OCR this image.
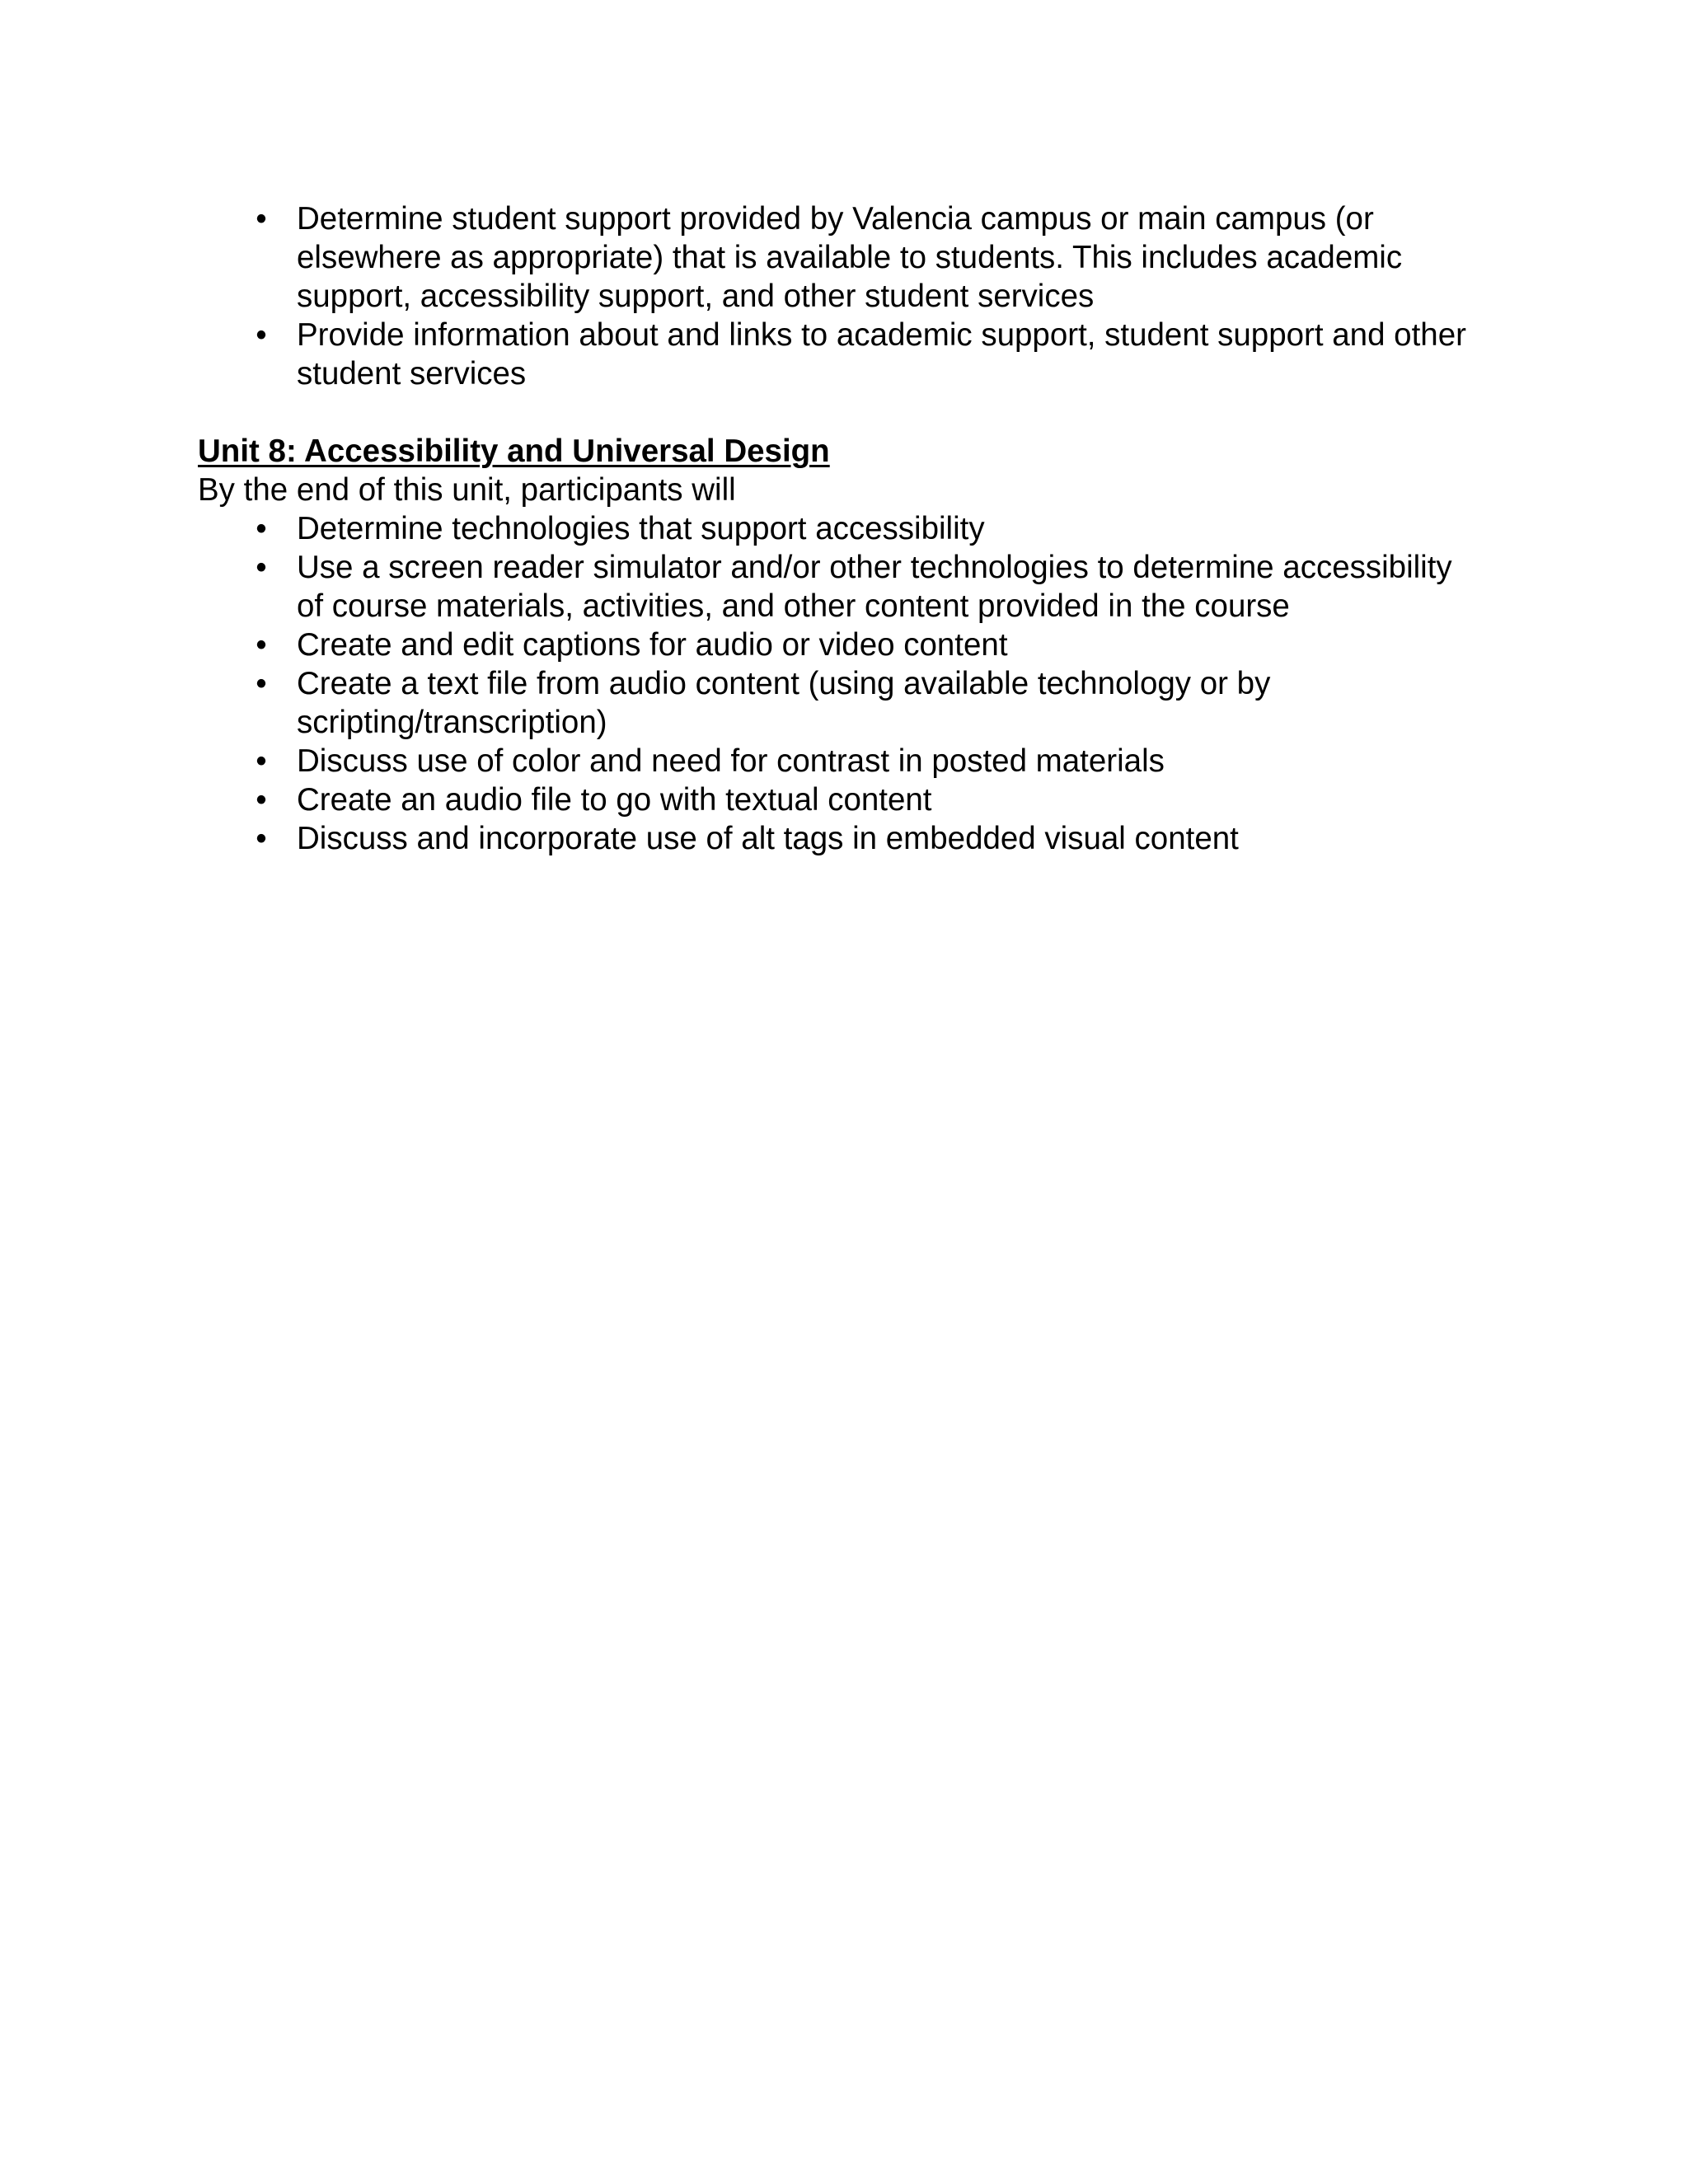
• Determine student support provided by Valencia campus or main campus (or elsewhere as appropriate) that is available to students. This includes academic support, accessibility support, and other student services
• Provide information about and links to academic support, student support and other student services
Unit 8: Accessibility and Universal Design

By the end of this unit, participants will

• Determine technologies that support accessibility
• Use a screen reader simulator and/or other technologies to determine accessibility of course materials, activities, and other content provided in the course
• Create and edit captions for audio or video content
• Create a text file from audio content (using available technology or by scripting/transcription)
• Discuss use of color and need for contrast in posted materials
• Create an audio file to go with textual content
• Discuss and incorporate use of alt tags in embedded visual content
